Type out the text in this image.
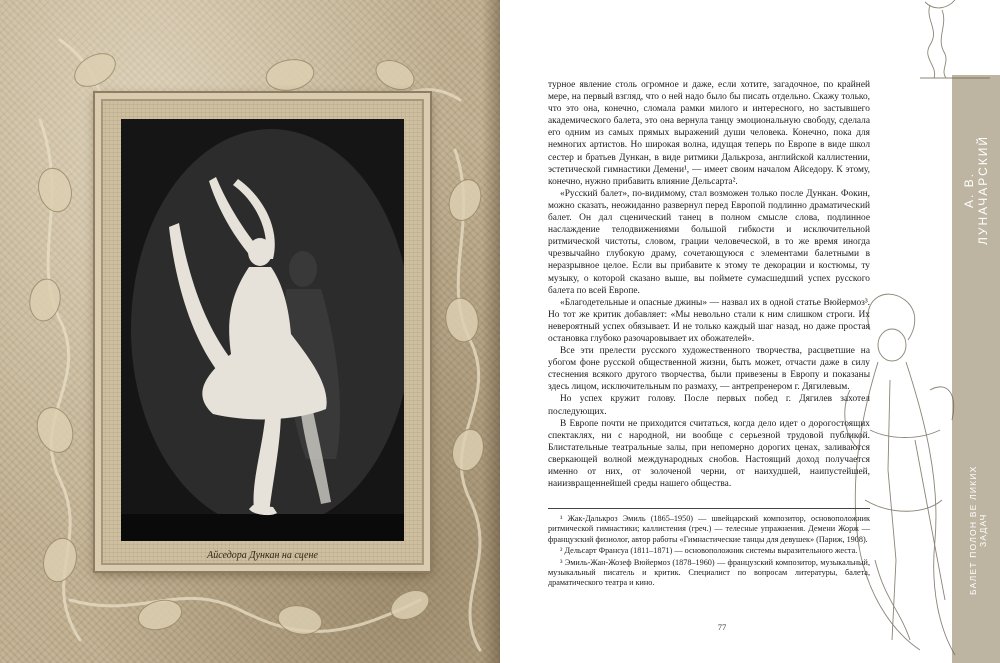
Айседора Дункан на сцене
А. В. ЛУНАЧАРСКИЙ
БАЛЕТ ПОЛОН ВЕ ЛИКИХ ЗАДАЧ

турное явление столь огромное и даже, если хотите, загадочное, по крайней мере, на первый взгляд, что о ней надо было бы писать отдельно. Скажу только, что это она, конечно, сломала рамки милого и интересного, но застывшего академического балета, это она вернула танцу эмоциональную свободу, сделала его одним из самых прямых выражений души человека. Конечно, пока для немногих артистов. Но широкая волна, идущая теперь по Европе в виде школ сестер и братьев Дункан, в виде ритмики Далькроза, английской каллистении, эстетической гимнастики Демени¹, — имеет своим началом Айседору. К этому, конечно, нужно прибавить влияние Дельсарта².

«Русский балет», по-видимому, стал возможен только после Дункан. Фокин, можно сказать, неожиданно развернул перед Европой подлинно драматический балет. Он дал сценический танец в полном смысле слова, подлинное наслаждение телодвижениями большой гибкости и исключительной ритмической чистоты, словом, грации человеческой, в то же время иногда чрезвычайно глубокую драму, сочетающуюся с элементами балетными в неразрывное целое. Если вы прибавите к этому те декорации и костюмы, ту музыку, о которой сказано выше, вы поймете сумасшедший успех русского балета по всей Европе.

«Благодетельные и опасные джины» — назвал их в одной статье Вюйермоз³. Но тот же критик добавляет: «Мы невольно стали к ним слишком строги. Их невероятный успех обязывает. И не только каждый шаг назад, но даже простая остановка глубоко разочаровывает их обожателей».

Все эти прелести русского художественного творчества, расцветшие на убогом фоне русской общественной жизни, быть может, отчасти даже в силу стеснения всякого другого творчества, были привезены в Европу и показаны здесь лицом, исключительным по размаху, — антрепренером г. Дягилевым.

Но успех кружит голову. После первых побед г. Дягилев захотел последующих.

В Европе почти не приходится считаться, когда дело идет о дорогостоящих спектаклях, ни с народной, ни вообще с серьезной трудовой публикой. Блистательные театральные залы, при непомерно дорогих ценах, заливаются сверкающей волной международных снобов. Настоящий доход получается именно от них, от золоченой черни, от наихудшей, наипустейшей, наиизвращеннейшей среды нашего общества.

¹ Жак-Далькроз Эмиль (1865–1950) — швейцарский композитор, основоположник ритмической гимнастики; каллистения (греч.) — телесные упражнения. Демени Жорж — французский физиолог, автор работы «Гимнастические танцы для девушек» (Париж, 1908).

² Дельсарт Франсуа (1811–1871) — основоположник системы выразительного жеста.

³ Эмиль-Жан-Жозеф Вюйермоз (1878–1960) — французский композитор, музыкальный, музыкальный писатель и критик. Специалист по вопросам литературы, балета, драматического театра и кино.

77
